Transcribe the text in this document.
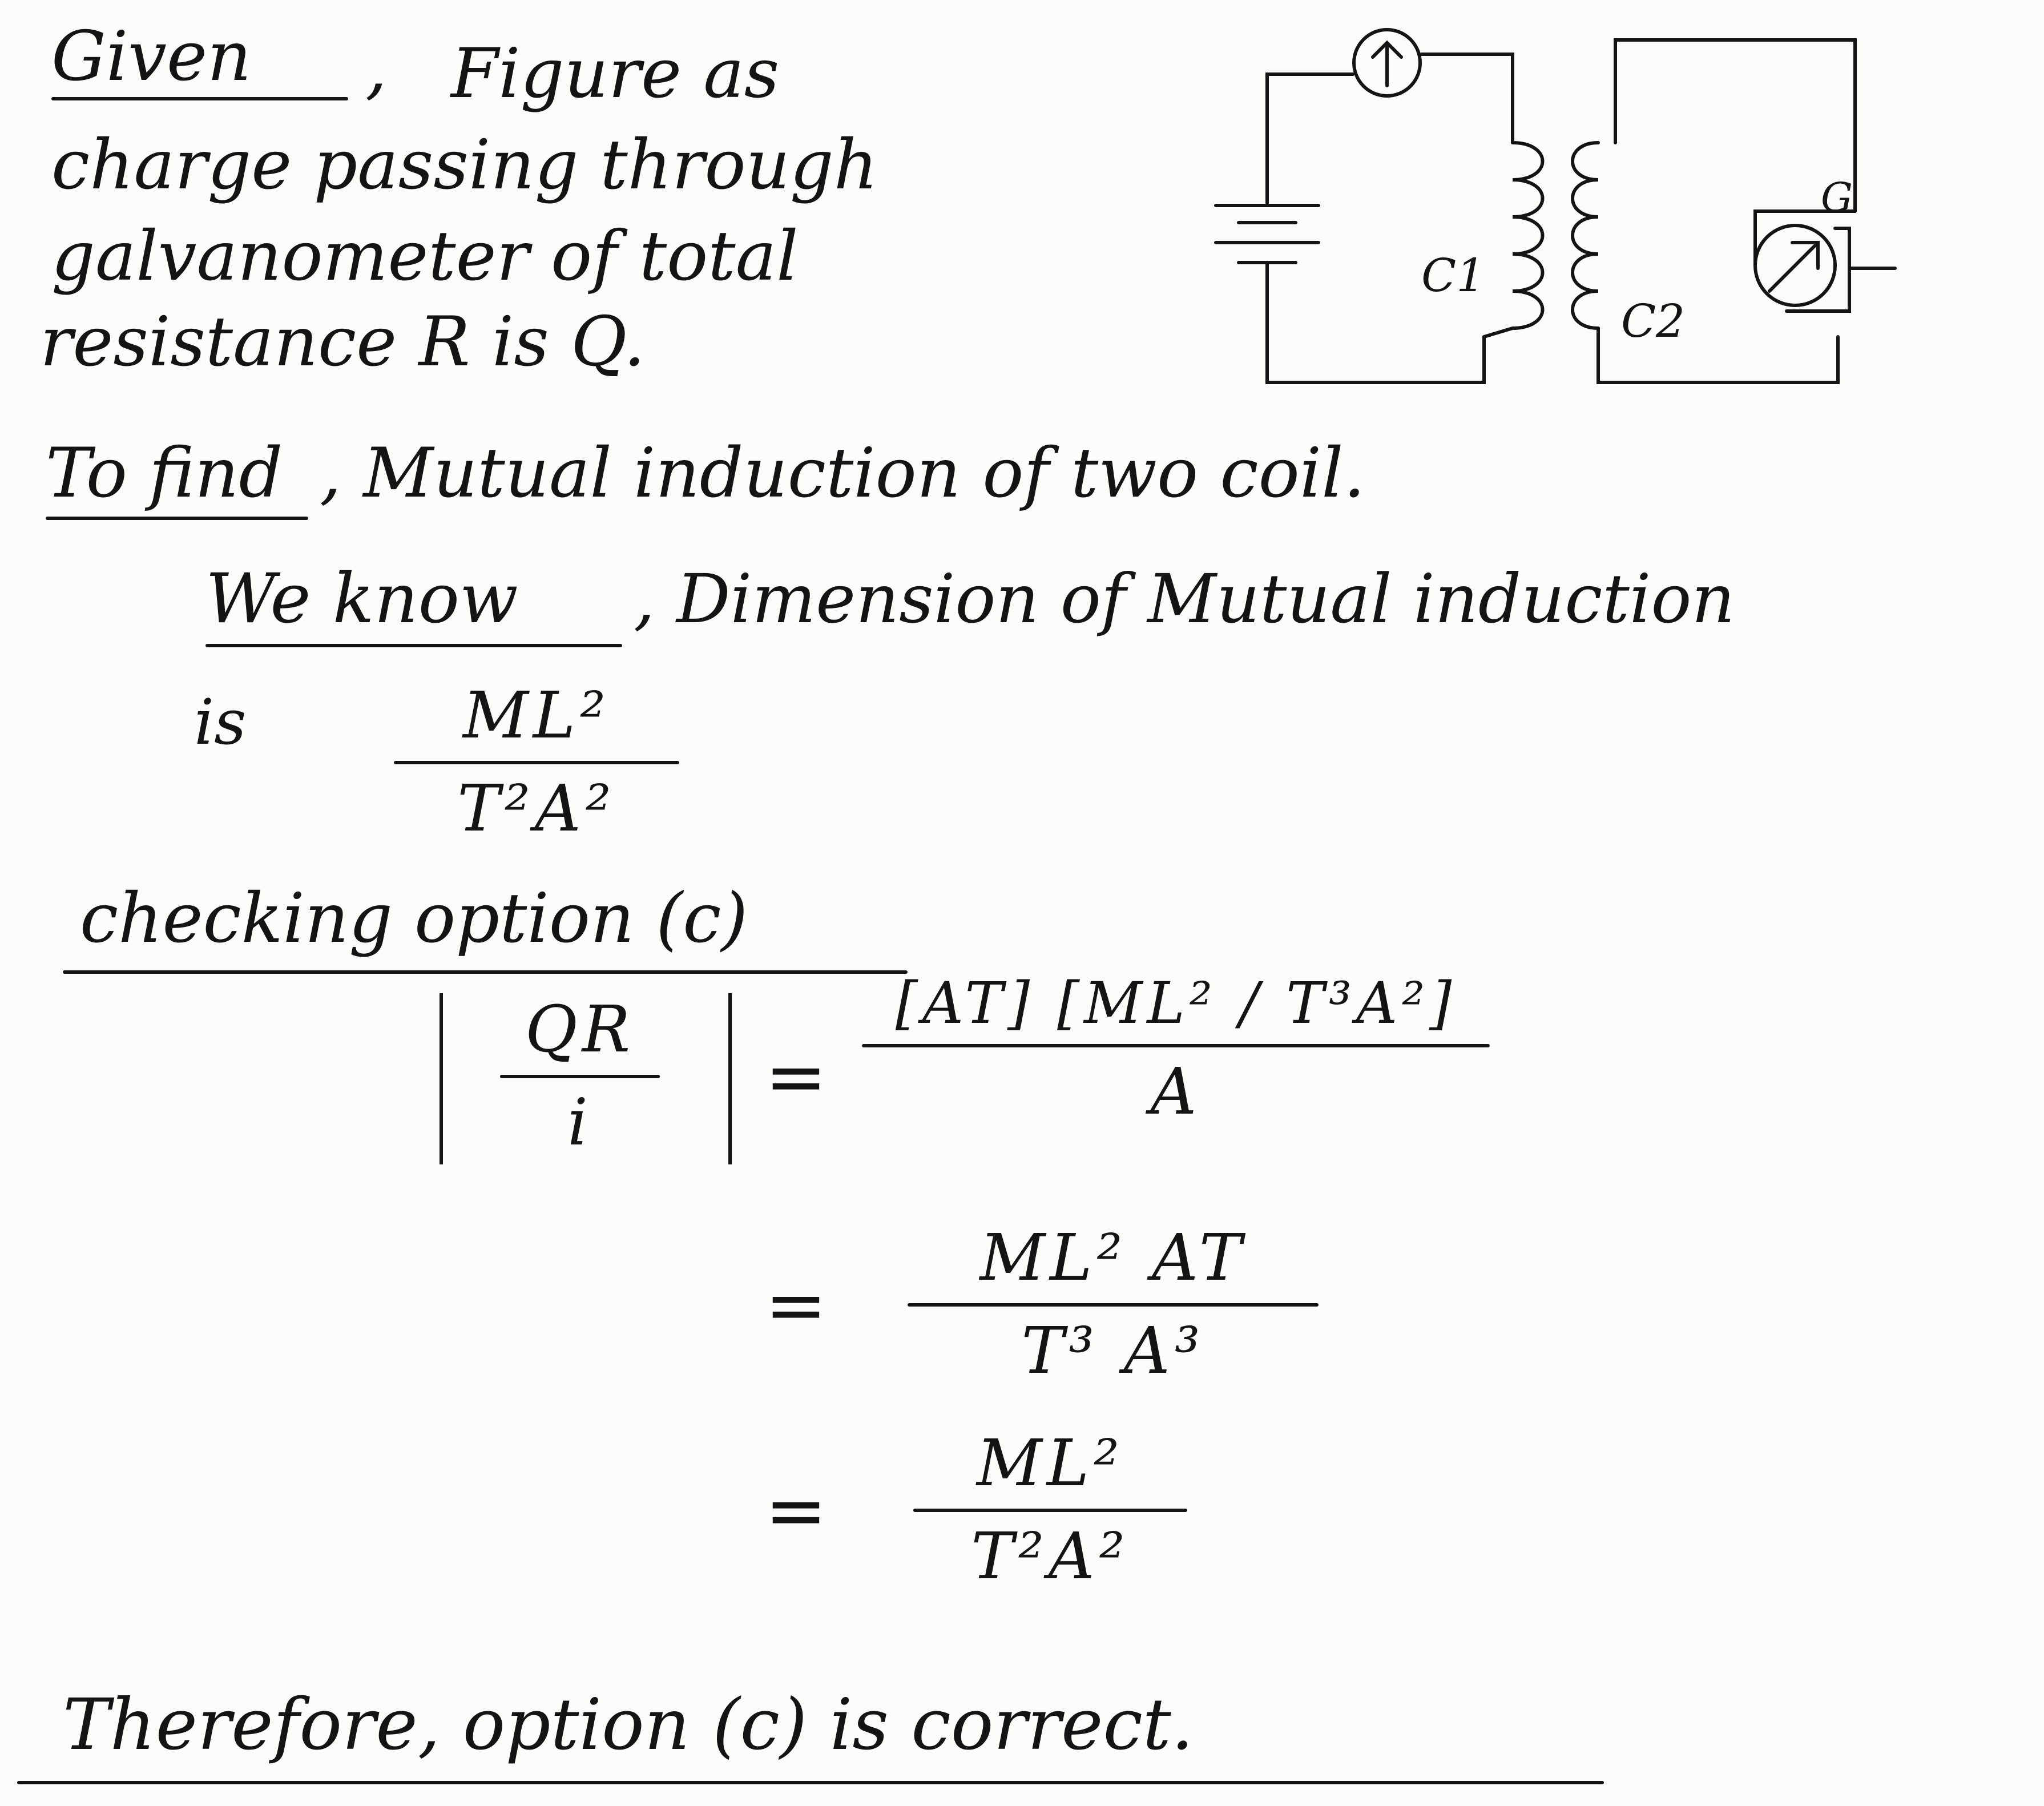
Given , Figure as
charge passing through
galvanometer of total
resistance R is Q.
G
C1
C2
To find , Mutual induction of two coil.
We know , Dimension of Mutual induction
is	ML²
T²A²
checking option (c)
QR
i
=
[AT] [ML² / T³A²]
A
=
ML² AT
T³ A³
=
ML²
T²A²
Therefore, option (c) is correct.
